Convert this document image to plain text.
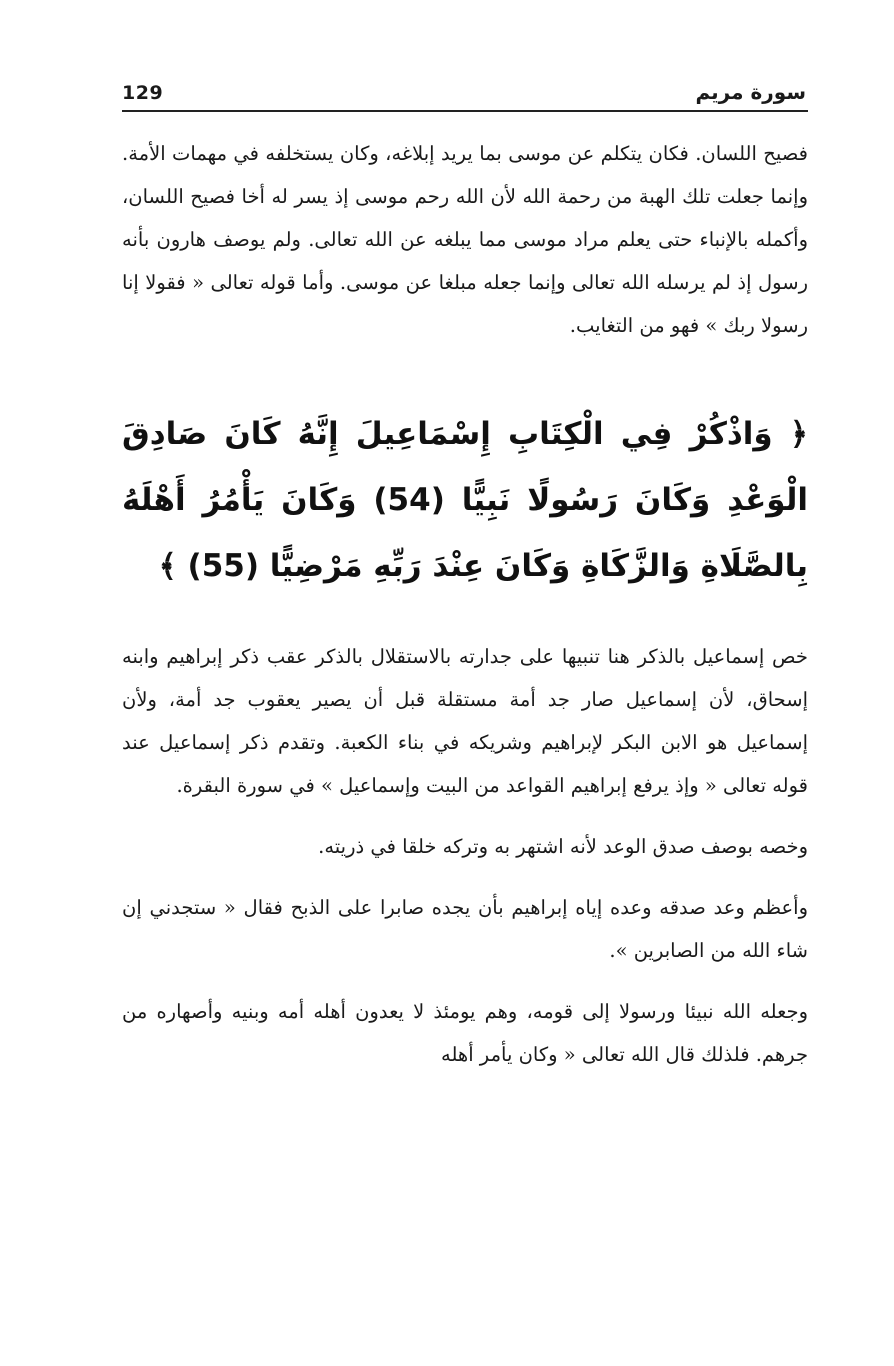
129	سورة مريم

فصيح اللسان. فكان يتكلم عن موسى بما يريد إبلاغه، وكان يستخلفه في مهمات الأمة. وإنما جعلت تلك الهبة من رحمة الله لأن الله رحم موسى إذ يسر له أخا فصيح اللسان، وأكمله بالإنباء حتى يعلم مراد موسى مما يبلغه عن الله تعالى. ولم يوصف هارون بأنه رسول إذ لم يرسله الله تعالى وإنما جعله مبلغا عن موسى. وأما قوله تعالى « فقولا إنا رسولا ربك » فهو من التغايب.

﴿ وَاذْكُرْ فِي الْكِتَابِ إِسْمَاعِيلَ إِنَّهُ كَانَ صَادِقَ الْوَعْدِ وَكَانَ رَسُولًا نَبِيًّا (54) وَكَانَ يَأْمُرُ أَهْلَهُ بِالصَّلَاةِ وَالزَّكَاةِ وَكَانَ عِنْدَ رَبِّهِ مَرْضِيًّا (55) ﴾

خص إسماعيل بالذكر هنا تنبيها على جدارته بالاستقلال بالذكر عقب ذكر إبراهيم وابنه إسحاق، لأن إسماعيل صار جد أمة مستقلة قبل أن يصير يعقوب جد أمة، ولأن إسماعيل هو الابن البكر لإبراهيم وشريكه في بناء الكعبة. وتقدم ذكر إسماعيل عند قوله تعالى « وإذ يرفع إبراهيم القواعد من البيت وإسماعيل » في سورة البقرة.

وخصه بوصف صدق الوعد لأنه اشتهر به وتركه خلقا في ذريته.

وأعظم وعد صدقه وعده إياه إبراهيم بأن يجده صابرا على الذبح فقال « ستجدني إن شاء الله من الصابرين ».

وجعله الله نبيئا ورسولا إلى قومه، وهم يومئذ لا يعدون أهله أمه وبنيه وأصهاره من جرهم. فلذلك قال الله تعالى « وكان يأمر أهله
